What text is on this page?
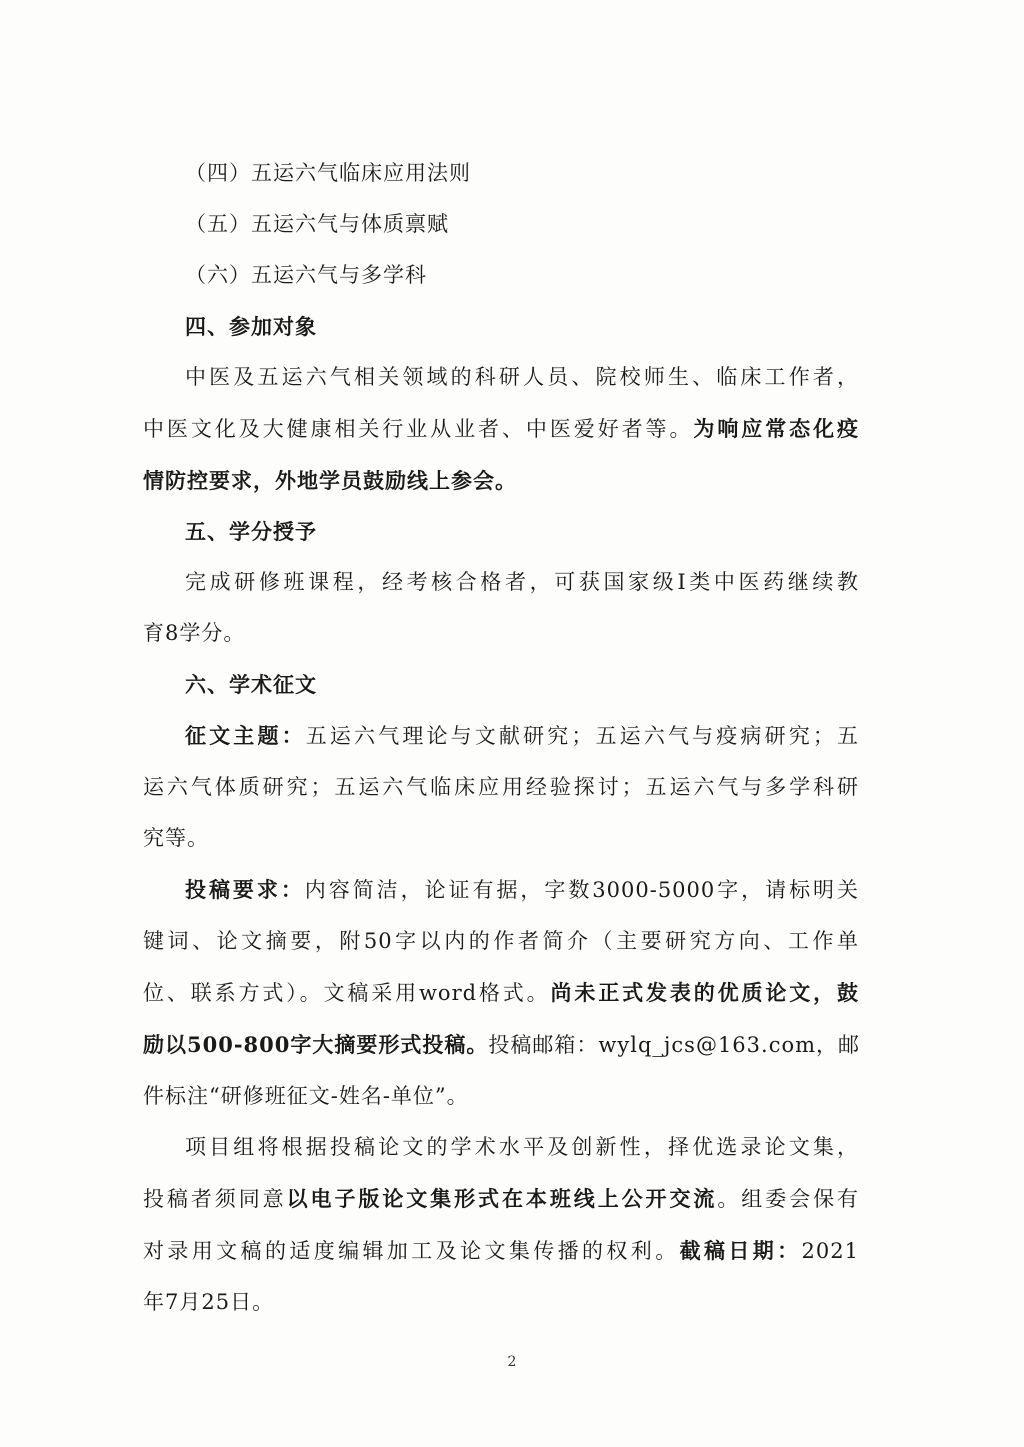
（四）五运六气临床应用法则
（五）五运六气与体质禀赋
（六）五运六气与多学科
四、参加对象
中医及五运六气相关领域的科研人员、院校师生、临床工作者，
中医文化及大健康相关行业从业者、中医爱好者等。为响应常态化疫
情防控要求，外地学员鼓励线上参会。
五、学分授予
完成研修班课程，经考核合格者，可获国家级Ⅰ类中医药继续教
育8学分。
六、学术征文
征文主题：五运六气理论与文献研究；五运六气与疫病研究；五
运六气体质研究；五运六气临床应用经验探讨；五运六气与多学科研
究等。
投稿要求：内容简洁，论证有据，字数3000-5000字，请标明关
键词、论文摘要，附50字以内的作者简介（主要研究方向、工作单
位、联系方式）。文稿采用word格式。尚未正式发表的优质论文，鼓
励以500-800字大摘要形式投稿。投稿邮箱：wylq_jcs@163.com，邮
件标注“研修班征文-姓名-单位”。
项目组将根据投稿论文的学术水平及创新性，择优选录论文集，
投稿者须同意以电子版论文集形式在本班线上公开交流。组委会保有
对录用文稿的适度编辑加工及论文集传播的权利。截稿日期：2021
年7月25日。
2
